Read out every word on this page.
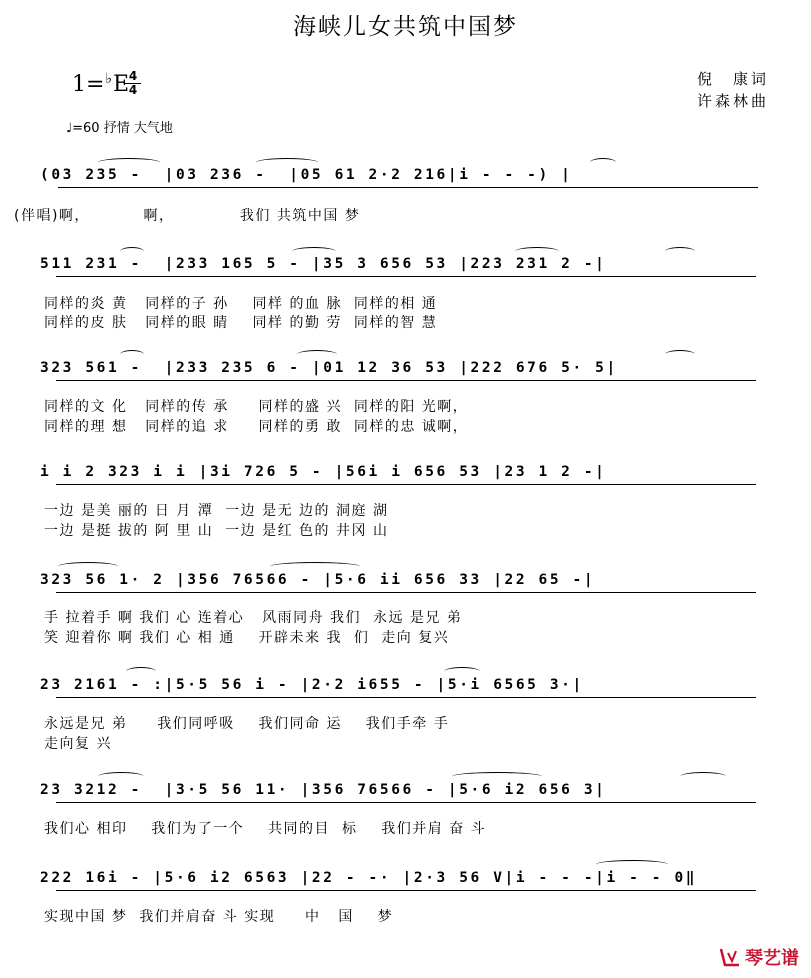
海峡儿女共筑中国梦
1=♭E 4
4
倪　康词
许森林曲
♩=60 抒情 大气地
(03 235 -  |03 236 -  |05 61 2·2 216|i - - -) |
(伴唱)啊，         啊，           我们 共筑中国 梦
511 231 -  |233 165 5 - |35 3 656 53 |223 231 2 -|
同样的炎 黄   同样的子 孙    同样 的血 脉  同样的相 通
同样的皮 肤   同样的眼 睛    同样 的勤 劳  同样的智 慧
323 561 -  |233 235 6 - |01 12 36 53 |222 676 5· 5|
同样的文 化   同样的传 承     同样的盛 兴  同样的阳 光啊，
同样的理 想   同样的追 求     同样的勇 敢  同样的忠 诚啊，
i i 2 323 i i |3i 726 5 - |56i i 656 53 |23 1 2 -|
一边 是美 丽的 日 月 潭  一边 是无 边的 洞庭 湖
一边 是挺 拔的 阿 里 山  一边 是红 色的 井冈 山
323 56 1· 2 |356 76566 - |5·6 ii 656 33 |22 65 -|
手 拉着手 啊 我们 心 连着心   风雨同舟 我们  永远 是兄 弟
笑 迎着你 啊 我们 心 相 通    开辟未来 我  们  走向 复兴
23 2161 - :|5·5 56 i - |2·2 i655 - |5·i 6565 3·|
永远是兄 弟     我们同呼吸    我们同命 运    我们手牵 手
走向复 兴
23 3212 -  |3·5 56 11· |356 76566 - |5·6 i2 656 3|
我们心 相印    我们为了一个    共同的目  标    我们并肩 奋 斗
222 16i - |5·6 i2 6563 |22 - -· |2·3 56 V|i - - -|i - - 0‖
实现中国 梦  我们并肩奋 斗 实现     中   国    梦
琴艺谱
